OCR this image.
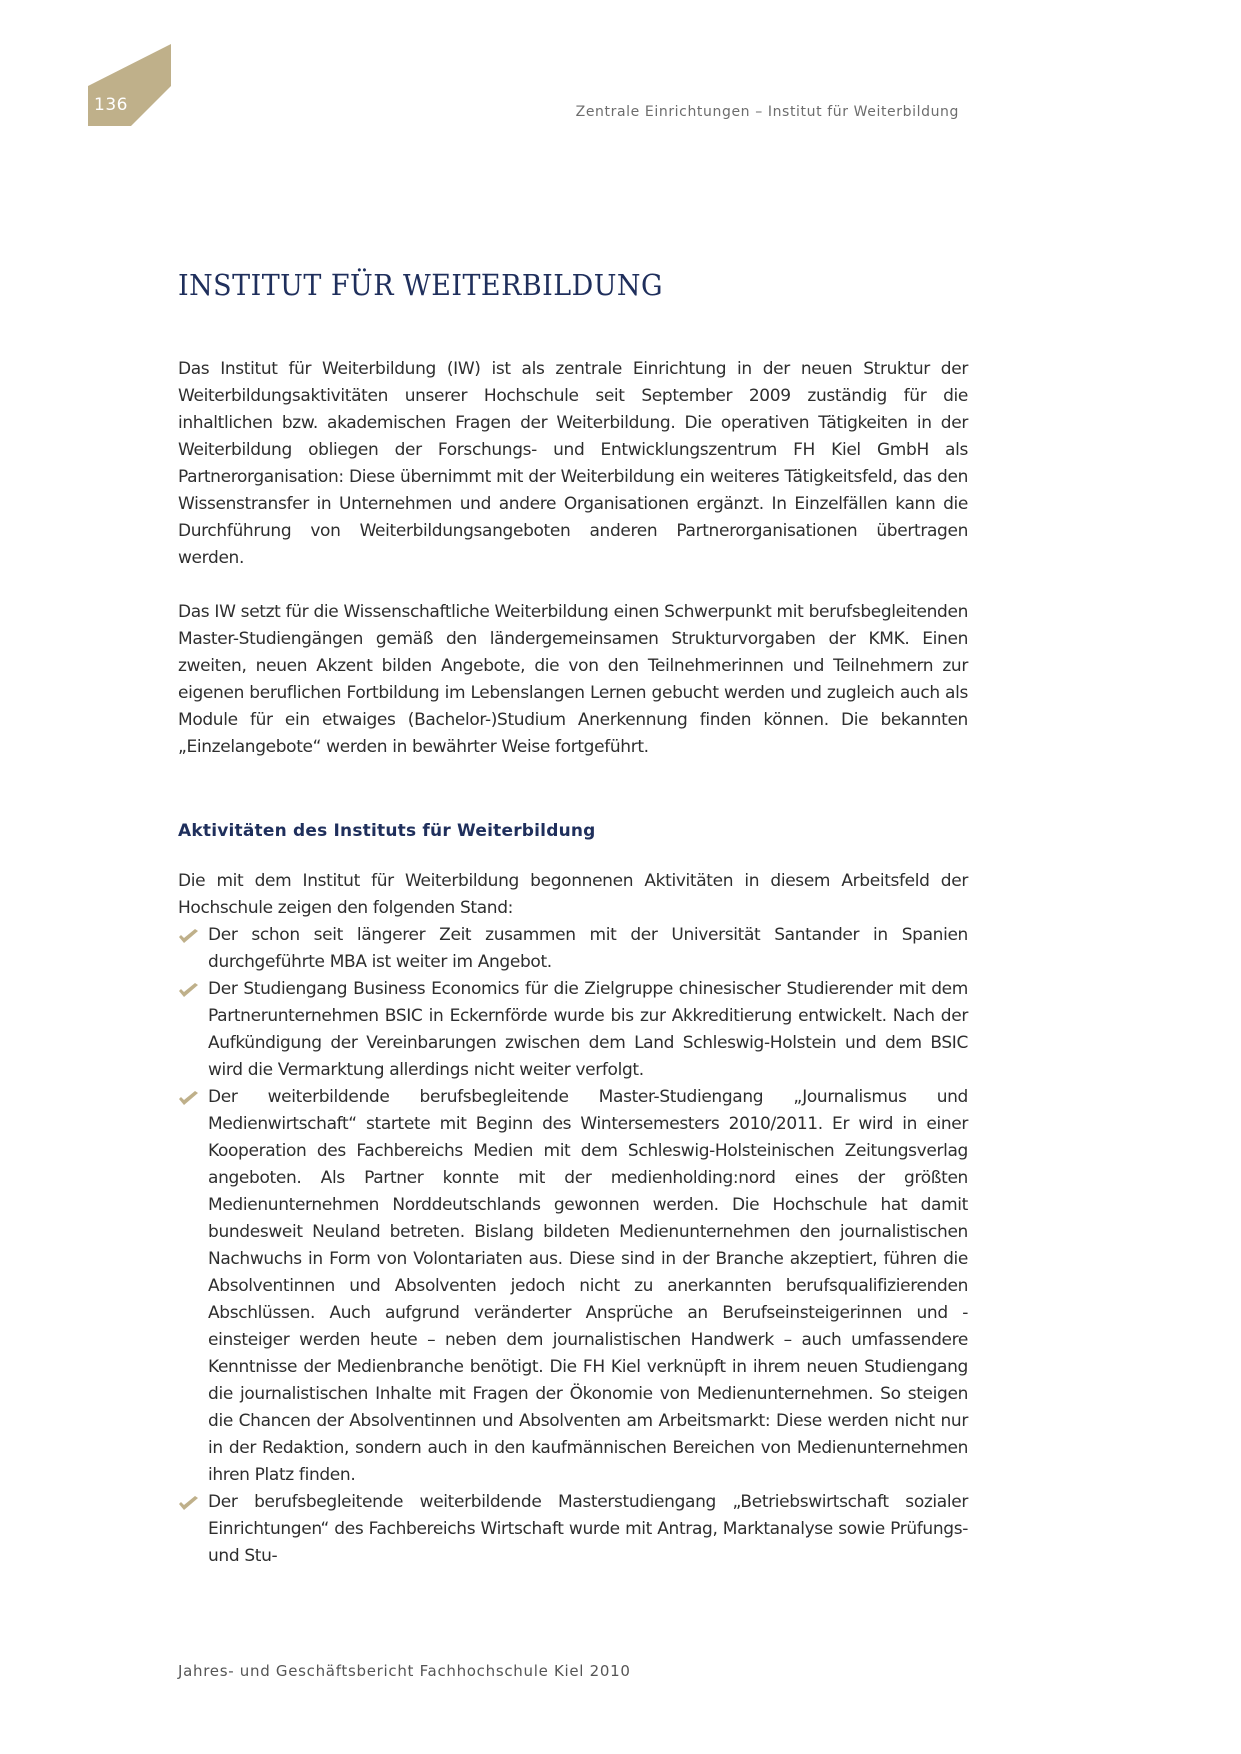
136	Zentrale Einrichtungen – Institut für Weiterbildung
INSTITUT FÜR WEITERBILDUNG

Das Institut für Weiterbildung (IW) ist als zentrale Einrichtung in der neuen Struktur der Weiterbildungsaktivitäten unserer Hochschule seit September 2009 zuständig für die inhaltlichen bzw. akademischen Fragen der Weiterbildung. Die operativen Tätigkeiten in der Weiterbildung obliegen der Forschungs- und Entwicklungszentrum FH Kiel GmbH als Partnerorganisation: Diese übernimmt mit der Weiterbildung ein weiteres Tätigkeitsfeld, das den Wissenstransfer in Unternehmen und andere Organisationen ergänzt. In Einzelfällen kann die Durchführung von Weiterbildungsangeboten anderen Partnerorganisationen übertragen werden.

Das IW setzt für die Wissenschaftliche Weiterbildung einen Schwerpunkt mit berufsbegleitenden Master-Studiengängen gemäß den ländergemeinsamen Strukturvorgaben der KMK. Einen zweiten, neuen Akzent bilden Angebote, die von den Teilnehmerinnen und Teilnehmern zur eigenen beruflichen Fortbildung im Lebenslangen Lernen gebucht werden und zugleich auch als Module für ein etwaiges (Bachelor-)Studium Anerkennung finden können. Die bekannten „Einzelangebote“ werden in bewährter Weise fortgeführt.

Aktivitäten des Instituts für Weiterbildung

Die mit dem Institut für Weiterbildung begonnenen Aktivitäten in diesem Arbeitsfeld der Hochschule zeigen den folgenden Stand:

Der schon seit längerer Zeit zusammen mit der Universität Santander in Spanien durchgeführte MBA ist weiter im Angebot.
Der Studiengang Business Economics für die Zielgruppe chinesischer Studierender mit dem Partnerunternehmen BSIC in Eckernförde wurde bis zur Akkreditierung entwickelt. Nach der Aufkündigung der Vereinbarungen zwischen dem Land Schleswig-Holstein und dem BSIC wird die Vermarktung allerdings nicht weiter verfolgt.
Der weiterbildende berufsbegleitende Master-Studiengang „Journalismus und Medienwirtschaft“ startete mit Beginn des Wintersemesters 2010/2011. Er wird in einer Kooperation des Fachbereichs Medien mit dem Schleswig-Holsteinischen Zeitungsverlag angeboten. Als Partner konnte mit der medienholding:nord eines der größten Medienunternehmen Norddeutschlands gewonnen werden. Die Hochschule hat damit bundesweit Neuland betreten. Bislang bildeten Medienunternehmen den journalistischen Nachwuchs in Form von Volontariaten aus. Diese sind in der Branche akzeptiert, führen die Absolventinnen und Absolventen jedoch nicht zu anerkannten berufsqualifizierenden Abschlüssen. Auch aufgrund veränderter Ansprüche an Berufseinsteigerinnen und -einsteiger werden heute – neben dem journalistischen Handwerk – auch umfassendere Kenntnisse der Medienbranche benötigt. Die FH Kiel verknüpft in ihrem neuen Studiengang die journalistischen Inhalte mit Fragen der Ökonomie von Medienunternehmen. So steigen die Chancen der Absolventinnen und Absolventen am Arbeitsmarkt: Diese werden nicht nur in der Redaktion, sondern auch in den kaufmännischen Bereichen von Medienunternehmen ihren Platz finden.
Der berufsbegleitende weiterbildende Masterstudiengang „Betriebswirtschaft sozialer Einrichtungen“ des Fachbereichs Wirtschaft wurde mit Antrag, Marktanalyse sowie Prüfungs- und Stu-
Jahres- und Geschäftsbericht Fachhochschule Kiel 2010
